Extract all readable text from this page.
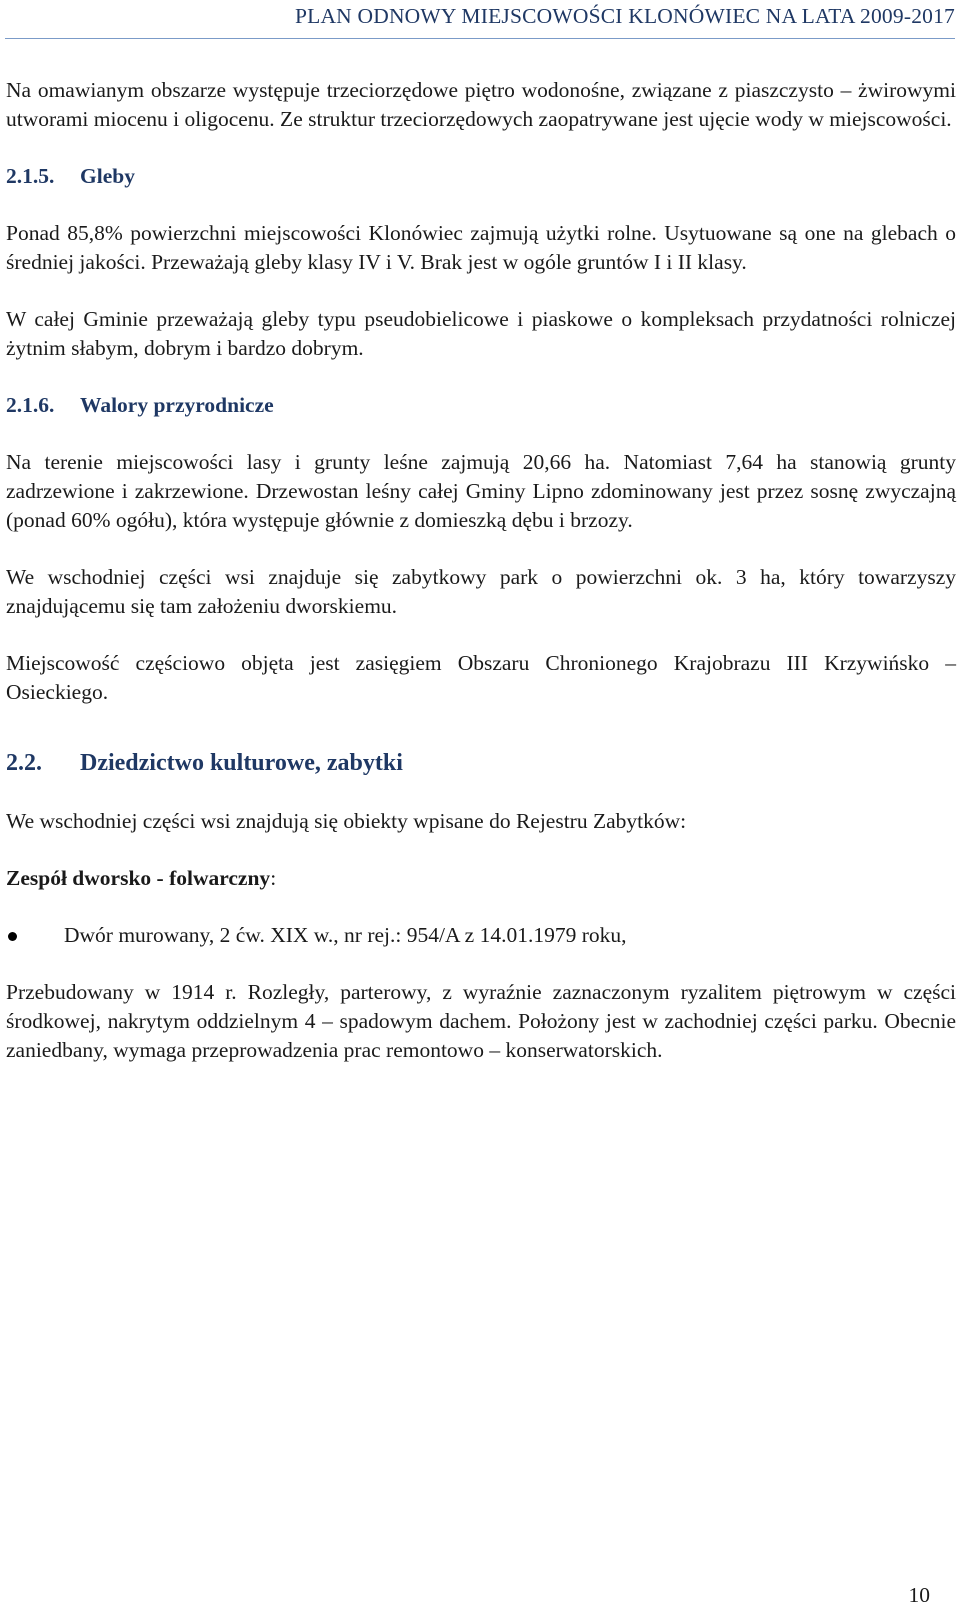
PLAN ODNOWY MIEJSCOWOŚCI KLONÓWIEC NA LATA 2009-2017

Na omawianym obszarze występuje trzeciorzędowe piętro wodonośne, związane z piaszczysto – żwirowymi utworami miocenu i oligocenu. Ze struktur trzeciorzędowych zaopatrywane jest ujęcie wody w miejscowości.

2.1.5. Gleby

Ponad 85,8% powierzchni miejscowości Klonówiec zajmują użytki rolne. Usytuowane są one na glebach o średniej jakości. Przeważają gleby klasy IV i V. Brak jest w ogóle gruntów I i II klasy.

W całej Gminie przeważają gleby typu pseudobielicowe i piaskowe o kompleksach przydatności rolniczej żytnim słabym, dobrym i bardzo dobrym.

2.1.6. Walory przyrodnicze

Na terenie miejscowości lasy i grunty leśne zajmują 20,66 ha. Natomiast 7,64 ha stanowią grunty zadrzewione i zakrzewione. Drzewostan leśny całej Gminy Lipno zdominowany jest przez sosnę zwyczajną (ponad 60% ogółu), która występuje głównie z domieszką dębu i brzozy.

We wschodniej części wsi znajduje się zabytkowy park o powierzchni ok. 3 ha, który towarzyszy znajdującemu się tam założeniu dworskiemu.

Miejscowość częściowo objęta jest zasięgiem Obszaru Chronionego Krajobrazu III Krzywińsko – Osieckiego.

2.2. Dziedzictwo kulturowe, zabytki

We wschodniej części wsi znajdują się obiekty wpisane do Rejestru Zabytków:

Zespół dworsko - folwarczny:
Dwór murowany, 2 ćw. XIX w., nr rej.: 954/A z 14.01.1979 roku,

Przebudowany w 1914 r. Rozległy, parterowy, z wyraźnie zaznaczonym ryzalitem piętrowym w części środkowej, nakrytym oddzielnym 4 – spadowym dachem. Położony jest w zachodniej części parku. Obecnie zaniedbany, wymaga przeprowadzenia prac remontowo – konserwatorskich.

10
